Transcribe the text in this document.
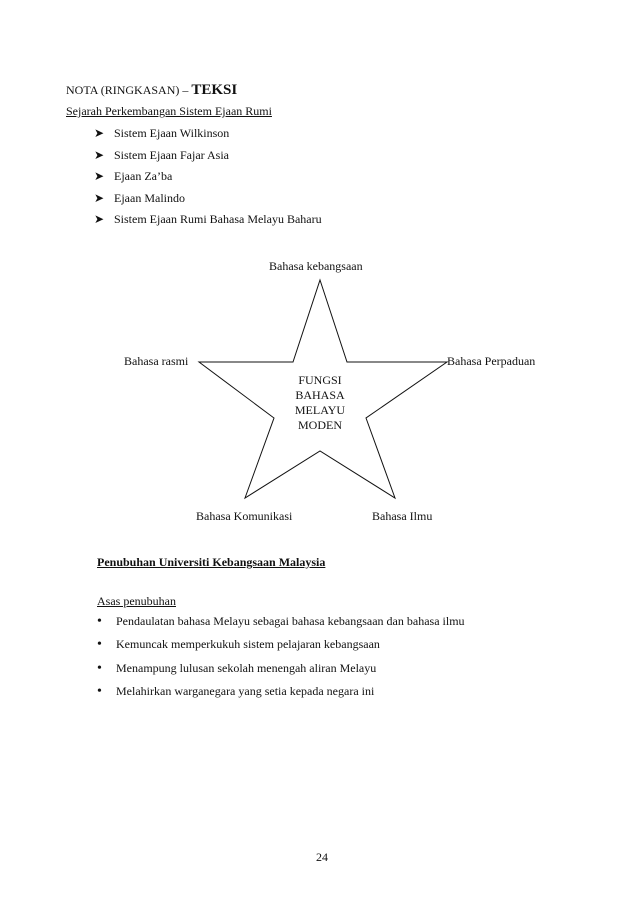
NOTA (RINGKASAN) – TEKSI
Sejarah Perkembangan Sistem Ejaan Rumi
➤ Sistem Ejaan Wilkinson
➤ Sistem Ejaan Fajar Asia
➤ Ejaan Za’ba
➤ Ejaan Malindo
➤ Sistem Ejaan Rumi Bahasa Melayu Baharu
Bahasa kebangsaan
Bahasa rasmi	Bahasa Perpaduan
Bahasa Komunikasi	Bahasa Ilmu
FUNGSI
BAHASA
MELAYU
MODEN
Penubuhan Universiti Kebangsaan Malaysia
Asas penubuhan
• Pendaulatan bahasa Melayu sebagai bahasa kebangsaan dan bahasa ilmu
• Kemuncak memperkukuh sistem pelajaran kebangsaan
• Menampung lulusan sekolah menengah aliran Melayu
• Melahirkan warganegara yang setia kepada negara ini
24
